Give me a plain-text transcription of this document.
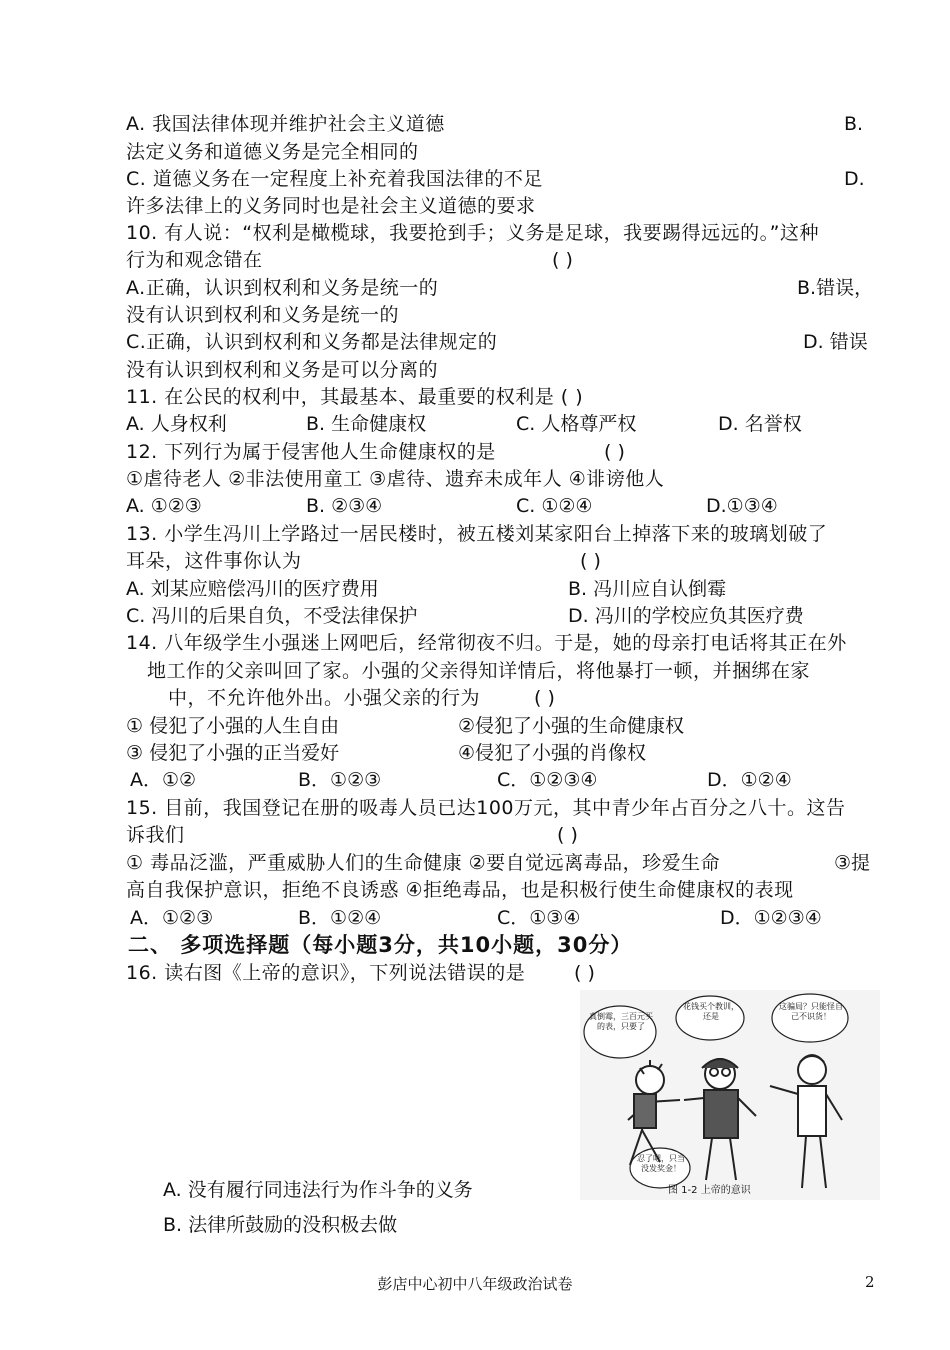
A. 我国法律体现并维护社会主义道德	B.
法定义务和道德义务是完全相同的
C. 道德义务在一定程度上补充着我国法律的不足	D.
许多法律上的义务同时也是社会主义道德的要求
10. 有人说：“权利是橄榄球，我要抢到手；义务是足球，我要踢得远远的。”这种
行为和观念错在	( )
A.正确，认识到权利和义务是统一的	B.错误，
没有认识到权利和义务是统一的
C.正确，认识到权利和义务都是法律规定的	D. 错误
没有认识到权利和义务是可以分离的
11. 在公民的权利中，其最基本、最重要的权利是 ( )
A. 人身权利	B. 生命健康权	C. 人格尊严权	D. 名誉权
12. 下列行为属于侵害他人生命健康权的是	( )
①虐待老人 ②非法使用童工 ③虐待、遗弃未成年人 ④诽谤他人
A. ①②③	B. ②③④	C. ①②④	D.①③④
13. 小学生冯川上学路过一居民楼时，被五楼刘某家阳台上掉落下来的玻璃划破了
耳朵，这件事你认为	( )
A. 刘某应赔偿冯川的医疗费用	B. 冯川应自认倒霉
C. 冯川的后果自负，不受法律保护	D. 冯川的学校应负其医疗费
14. 八年级学生小强迷上网吧后，经常彻夜不归。于是，她的母亲打电话将其正在外
地工作的父亲叫回了家。小强的父亲得知详情后，将他暴打一顿，并捆绑在家
中，不允许他外出。小强父亲的行为	( )
① 侵犯了小强的人生自由	②侵犯了小强的生命健康权
③ 侵犯了小强的正当爱好	④侵犯了小强的肖像权
A．①②	B．①②③	C．①②③④	D．①②④
15. 目前，我国登记在册的吸毒人员已达100万元，其中青少年占百分之八十。这告
诉我们	( )
① 毒品泛滥，严重威胁人们的生命健康 ②要自觉远离毒品，珍爱生命	③提
高自我保护意识，拒绝不良诱惑 ④拒绝毒品，也是积极行使生命健康权的表现
A．①②③	B．①②④	C．①③④	D．①②③④
二、 多项选择题（每小题3分，共10小题，30分）
16. 读右图《上帝的意识》，下列说法错误的是	( )
真倒霉，三百元买的表，只要了
花钱买个教训，还是
这骗局？只能怪自己不识货！
忍了吧，只当没发奖金！
图 1-2 上帝的意识
A. 没有履行同违法行为作斗争的义务
B. 法律所鼓励的没积极去做
彭店中心初中八年级政治试卷	2
